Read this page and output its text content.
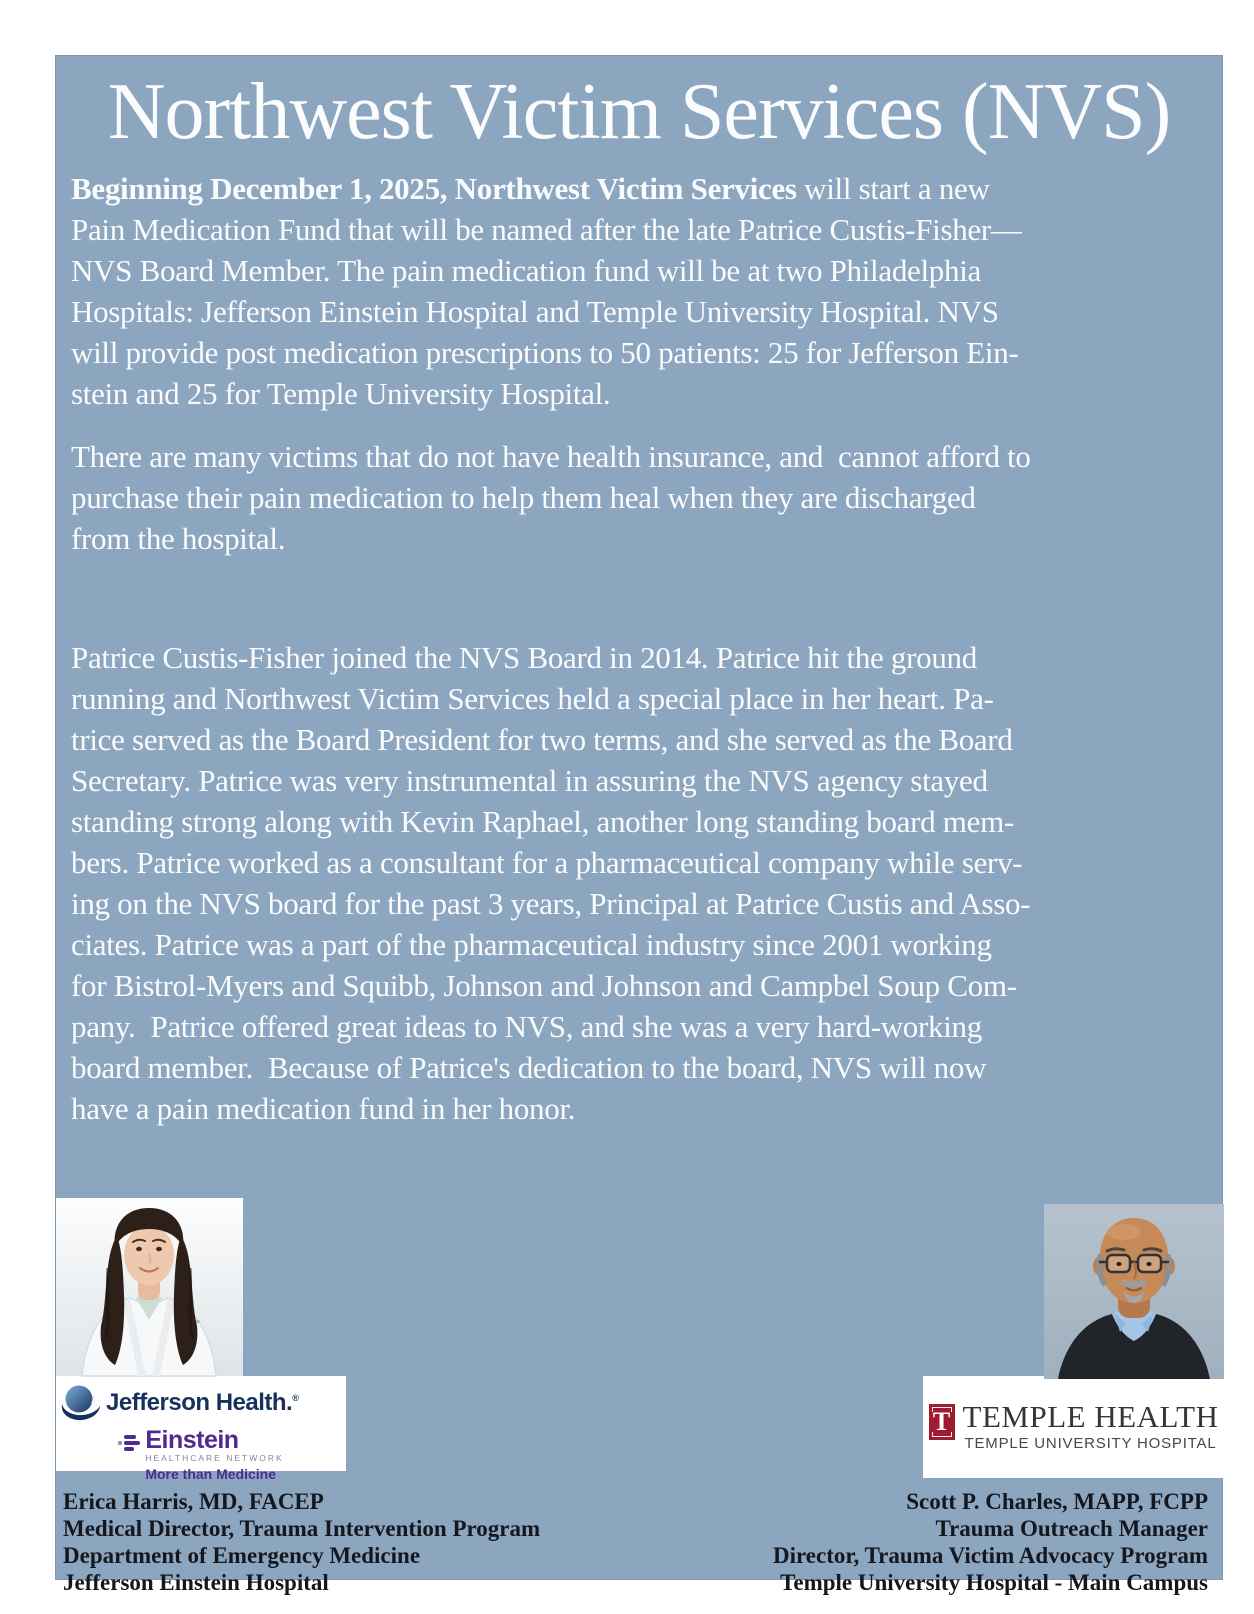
Northwest Victim Services (NVS)
Beginning December 1, 2025, Northwest Victim Services will start a new
Pain Medication Fund that will be named after the late Patrice Custis-Fisher—
NVS Board Member. The pain medication fund will be at two Philadelphia
Hospitals: Jefferson Einstein Hospital and Temple University Hospital. NVS
will provide post medication prescriptions to 50 patients: 25 for Jefferson Ein-
stein and 25 for Temple University Hospital.
There are many victims that do not have health insurance, and  cannot afford to
purchase their pain medication to help them heal when they are discharged
from the hospital.
Patrice Custis-Fisher joined the NVS Board in 2014. Patrice hit the ground
running and Northwest Victim Services held a special place in her heart. Pa-
trice served as the Board President for two terms, and she served as the Board
Secretary. Patrice was very instrumental in assuring the NVS agency stayed
standing strong along with Kevin Raphael, another long standing board mem-
bers. Patrice worked as a consultant for a pharmaceutical company while serv-
ing on the NVS board for the past 3 years, Principal at Patrice Custis and Asso-
ciates. Patrice was a part of the pharmaceutical industry since 2001 working
for Bistrol-Myers and Squibb, Johnson and Johnson and Campbel Soup Com-
pany.  Patrice offered great ideas to NVS, and she was a very hard-working
board member.  Because of Patrice's dedication to the board, NVS will now
have a pain medication fund in her honor.
Jefferson Health.®
Einstein
HEALTHCARE NETWORK
More than Medicine
T TEMPLE HEALTH
TEMPLE UNIVERSITY HOSPITAL
Erica Harris, MD, FACEP
Medical Director, Trauma Intervention Program
Department of Emergency Medicine
Jefferson Einstein Hospital
Scott P. Charles, MAPP, FCPP
Trauma Outreach Manager
Director, Trauma Victim Advocacy Program
Temple University Hospital - Main Campus
